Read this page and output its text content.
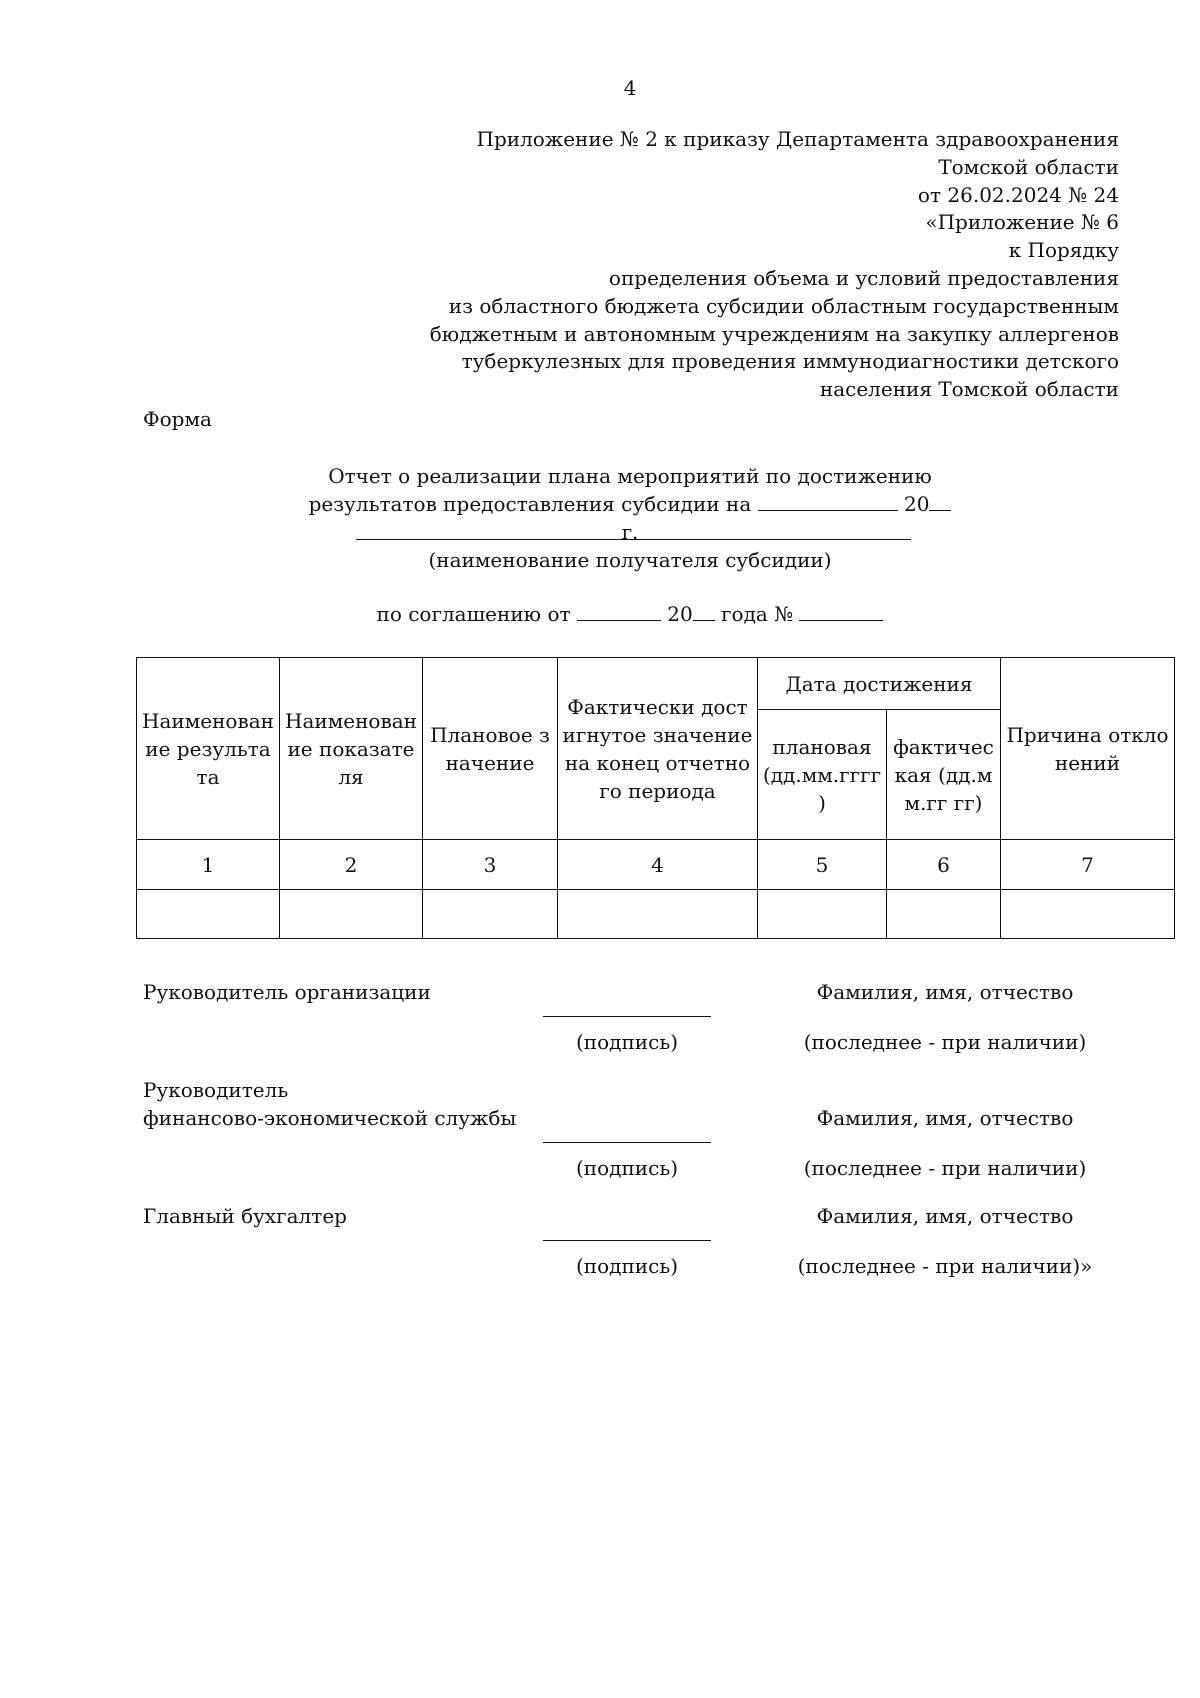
4
Приложение № 2 к приказу Департамента здравоохранения
Томской области
от 26.02.2024 № 24
«Приложение № 6
к Порядку
определения объема и условий предоставления
из областного бюджета субсидии областным государственным
бюджетным и автономным учреждениям на закупку аллергенов
туберкулезных для проведения иммунодиагностики детского
населения Томской области
Форма
Отчет о реализации плана мероприятий по достижению
результатов предоставления субсидии на	20 г.
(наименование получателя субсидии)
по соглашению от	20 года №
Наименован ие результата	Наименован ие показателя	Плановое значение	Фактически достигнутое значение на конец отчетного периода	Дата достижения		Причина отклонений
				плановая (дд.мм.гггг )	фактичес кая (дд.мм.гг гг)	
1	2	3	4	5	6	7

Руководитель организации	Фамилия, имя, отчество
(подпись)	(последнее - при наличии)
Руководитель
финансово-экономической службы	Фамилия, имя, отчество
(подпись)	(последнее - при наличии)
Главный бухгалтер	Фамилия, имя, отчество
(подпись)	(последнее - при наличии)»
